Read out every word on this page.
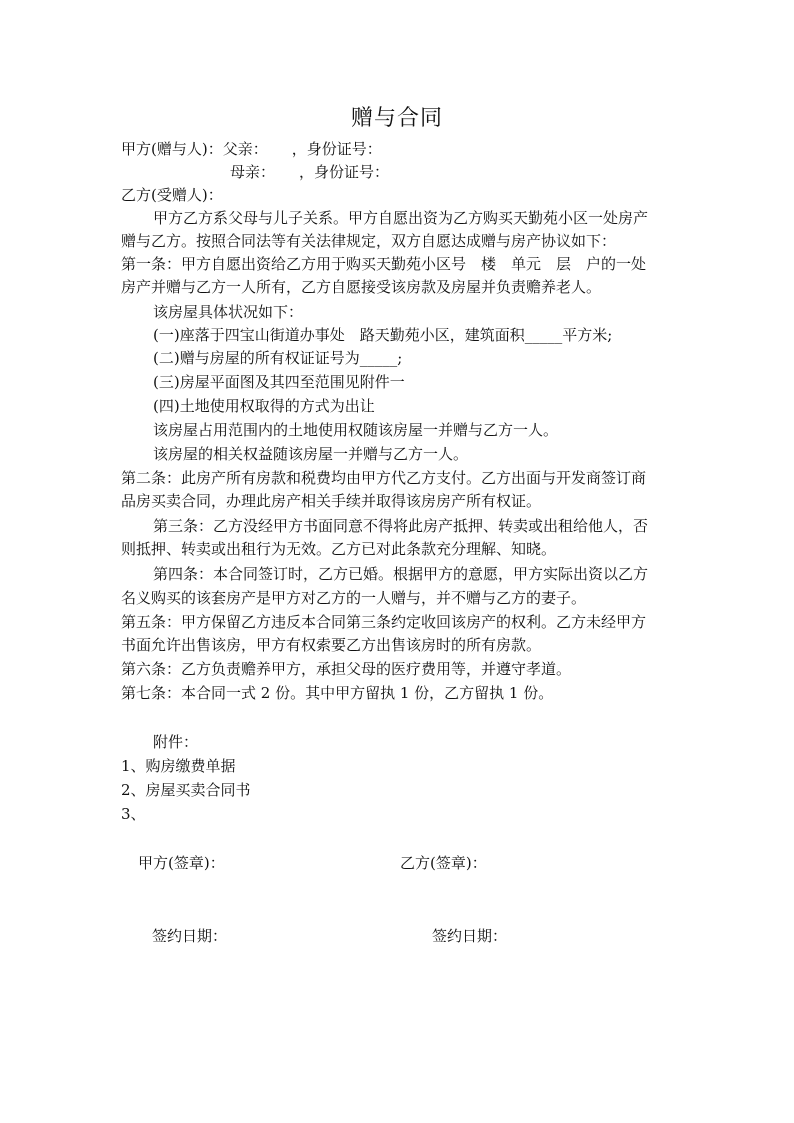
赠与合同
甲方(赠与人)：父亲： ，身份证号：
母亲： ，身份证号：
乙方(受赠人)：
甲方乙方系父母与儿子关系。甲方自愿出资为乙方购买天勤苑小区一处房产
赠与乙方。按照合同法等有关法律规定，双方自愿达成赠与房产协议如下：
第一条：甲方自愿出资给乙方用于购买天勤苑小区号　楼　单元　层　户的一处
房产并赠与乙方一人所有，乙方自愿接受该房款及房屋并负责赡养老人。
该房屋具体状况如下：
(一)座落于四宝山街道办事处　路天勤苑小区，建筑面积_____平方米;
(二)赠与房屋的所有权证证号为_____;
(三)房屋平面图及其四至范围见附件一
(四)土地使用权取得的方式为出让
该房屋占用范围内的土地使用权随该房屋一并赠与乙方一人。
该房屋的相关权益随该房屋一并赠与乙方一人。
第二条：此房产所有房款和税费均由甲方代乙方支付。乙方出面与开发商签订商
品房买卖合同，办理此房产相关手续并取得该房房产所有权证。
第三条：乙方没经甲方书面同意不得将此房产抵押、转卖或出租给他人，否
则抵押、转卖或出租行为无效。乙方已对此条款充分理解、知晓。
第四条：本合同签订时，乙方已婚。根据甲方的意愿，甲方实际出资以乙方
名义购买的该套房产是甲方对乙方的一人赠与，并不赠与乙方的妻子。
第五条：甲方保留乙方违反本合同第三条约定收回该房产的权利。乙方未经甲方
书面允许出售该房，甲方有权索要乙方出售该房时的所有房款。
第六条：乙方负责赡养甲方，承担父母的医疗费用等，并遵守孝道。
第七条：本合同一式 2 份。其中甲方留执 1 份，乙方留执 1 份。
附件：
1、购房缴费单据
2、房屋买卖合同书
3、
甲方(签章)：	乙方(签章)：
签约日期：	签约日期：
